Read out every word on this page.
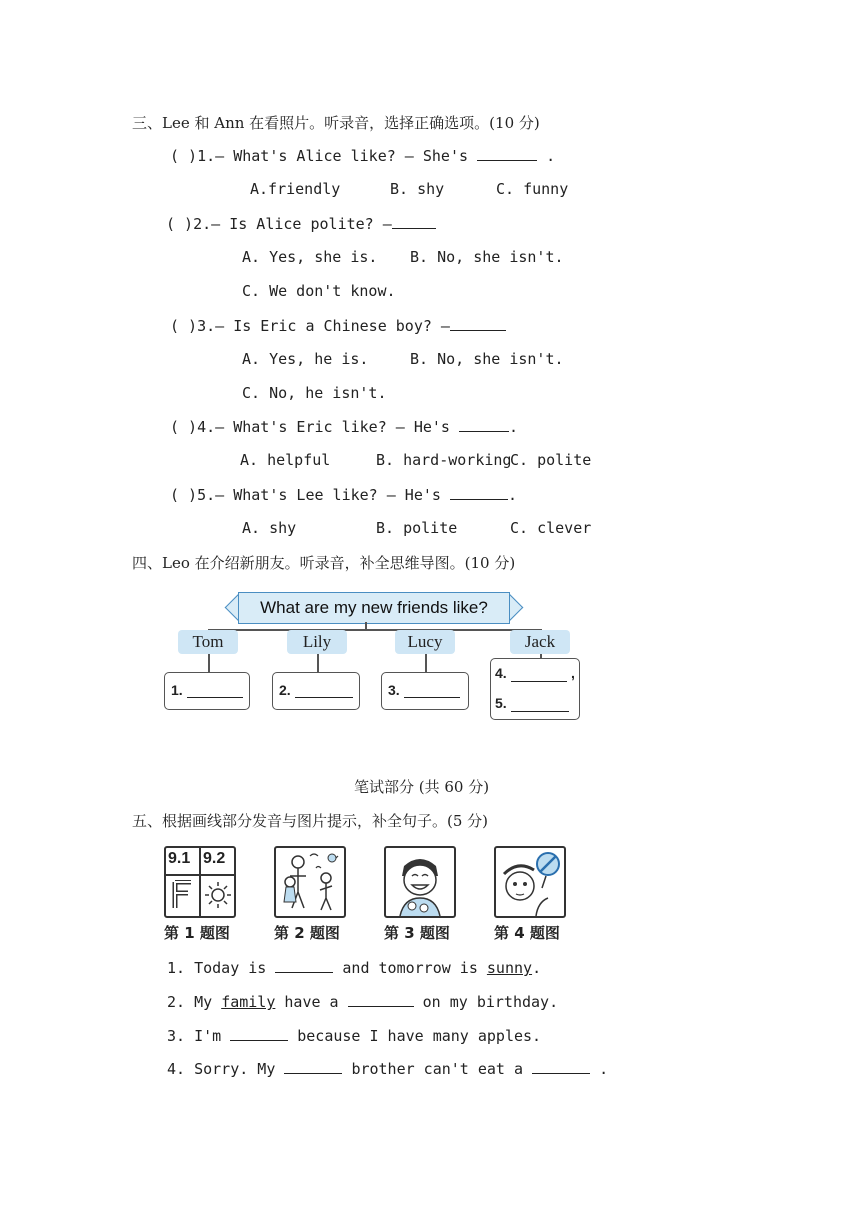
三、Lee 和 Ann 在看照片。听录音，选择正确选项。(10 分)
( )1.— What's Alice like? — She's	.
A.friendly	B. shy	C. funny
( )2.— Is Alice polite? —
A. Yes, she is. B. No, she isn't.
C. We don't know.
( )3.— Is Eric a Chinese boy? —
A. Yes, he is.	B. No, she isn't.
C. No, he isn't.
( )4.— What's Eric like? — He's	.
A. helpful	B. hard-working
C. polite
( )5.— What's Lee like? — He's	.
A. shy	B. polite	C. clever
四、Leo 在介绍新朋友。听录音，补全思维导图。(10 分)
What are my new friends like?
Tom	Lily	Lucy	Jack
1.	2.	3.
4.	,
5.
笔试部分 (共 60 分)
五、根据画线部分发音与图片提示，补全句子。(5 分)
9.1 9.2
第 1 题图	第 2 题图	第 3 题图	第 4 题图
1. Today is	and tomorrow is sunny.
2. My family have a	on my birthday.
3. I'm	because I have many apples.
4. Sorry. My	brother can't eat a	.
